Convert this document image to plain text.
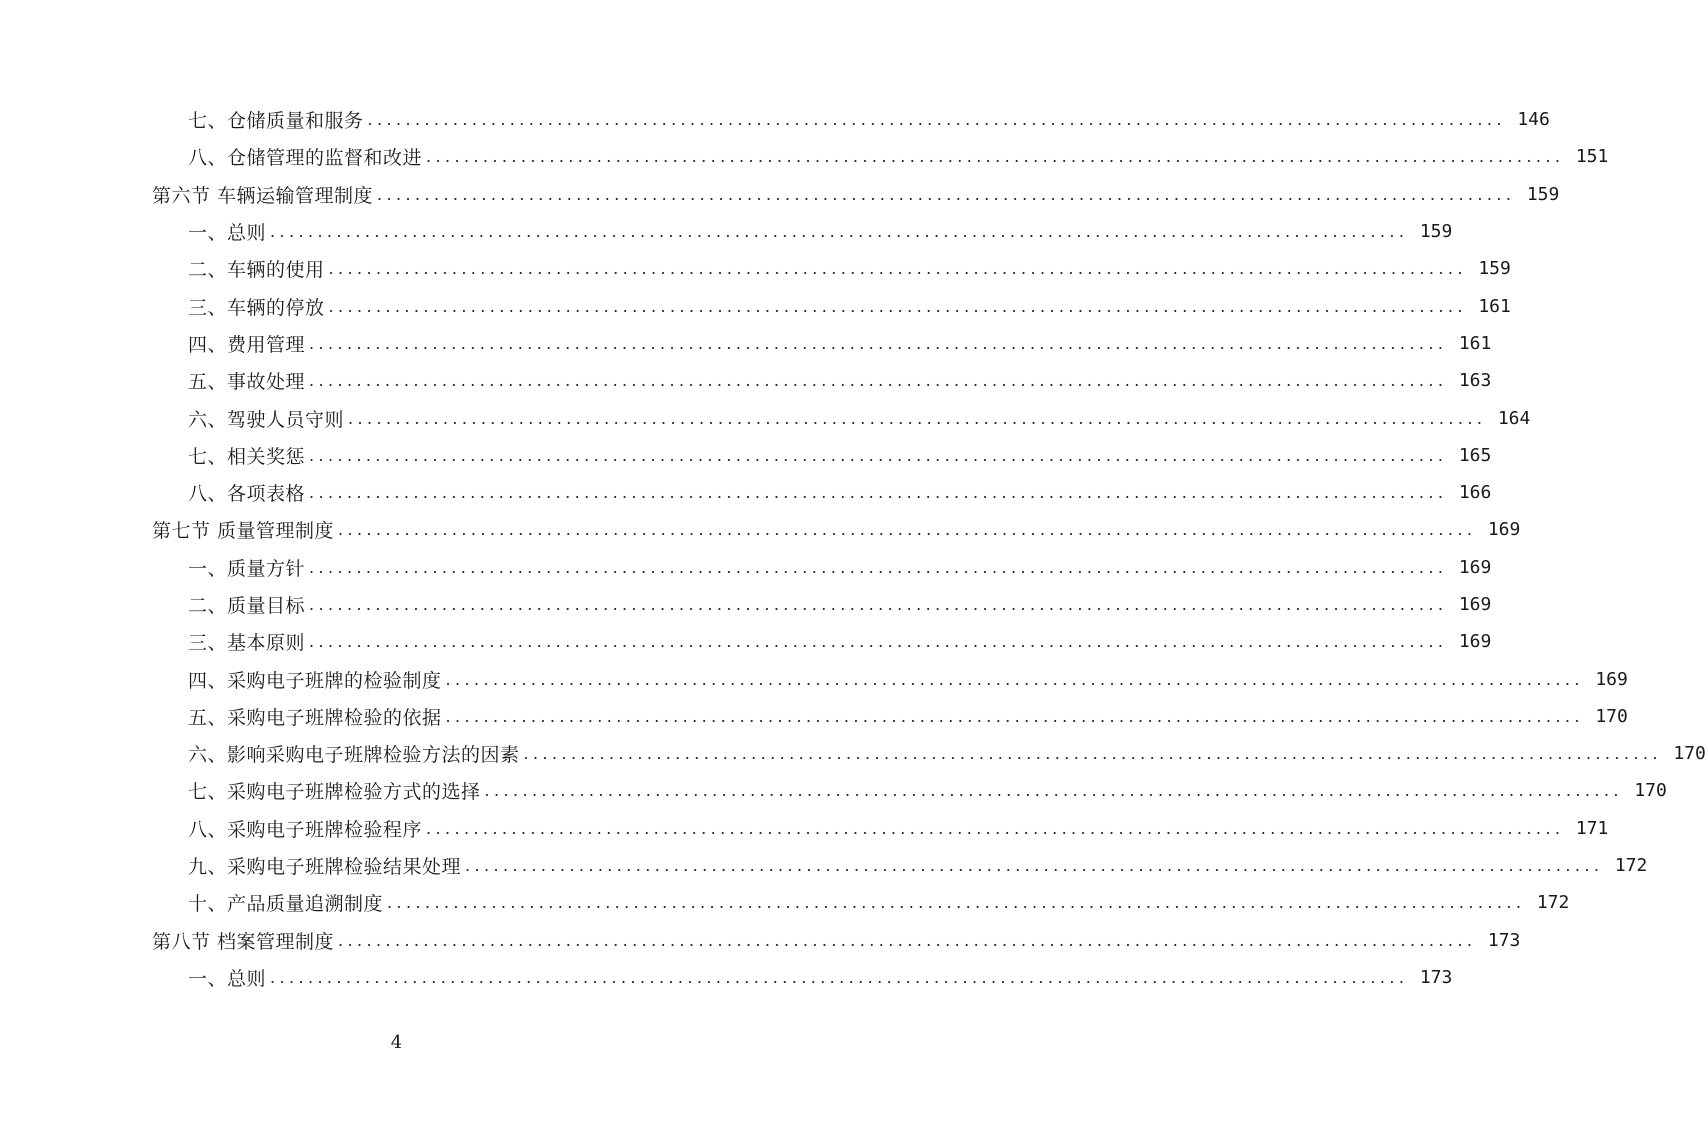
七、仓储质量和服务 ........................................................................................................................ 146
八、仓储管理的监督和改进 ........................................................................................................................ 151
第六节 车辆运输管理制度 ........................................................................................................................ 159
一、总则 ........................................................................................................................ 159
二、车辆的使用 ........................................................................................................................ 159
三、车辆的停放 ........................................................................................................................ 161
四、费用管理 ........................................................................................................................ 161
五、事故处理 ........................................................................................................................ 163
六、驾驶人员守则 ........................................................................................................................ 164
七、相关奖惩 ........................................................................................................................ 165
八、各项表格 ........................................................................................................................ 166
第七节 质量管理制度 ........................................................................................................................ 169
一、质量方针 ........................................................................................................................ 169
二、质量目标 ........................................................................................................................ 169
三、基本原则 ........................................................................................................................ 169
四、采购电子班牌的检验制度 ........................................................................................................................ 169
五、采购电子班牌检验的依据 ........................................................................................................................ 170
六、影响采购电子班牌检验方法的因素 ........................................................................................................................ 170
七、采购电子班牌检验方式的选择 ........................................................................................................................ 170
八、采购电子班牌检验程序 ........................................................................................................................ 171
九、采购电子班牌检验结果处理 ........................................................................................................................ 172
十、产品质量追溯制度 ........................................................................................................................ 172
第八节 档案管理制度 ........................................................................................................................ 173
一、总则 ........................................................................................................................ 173
4
